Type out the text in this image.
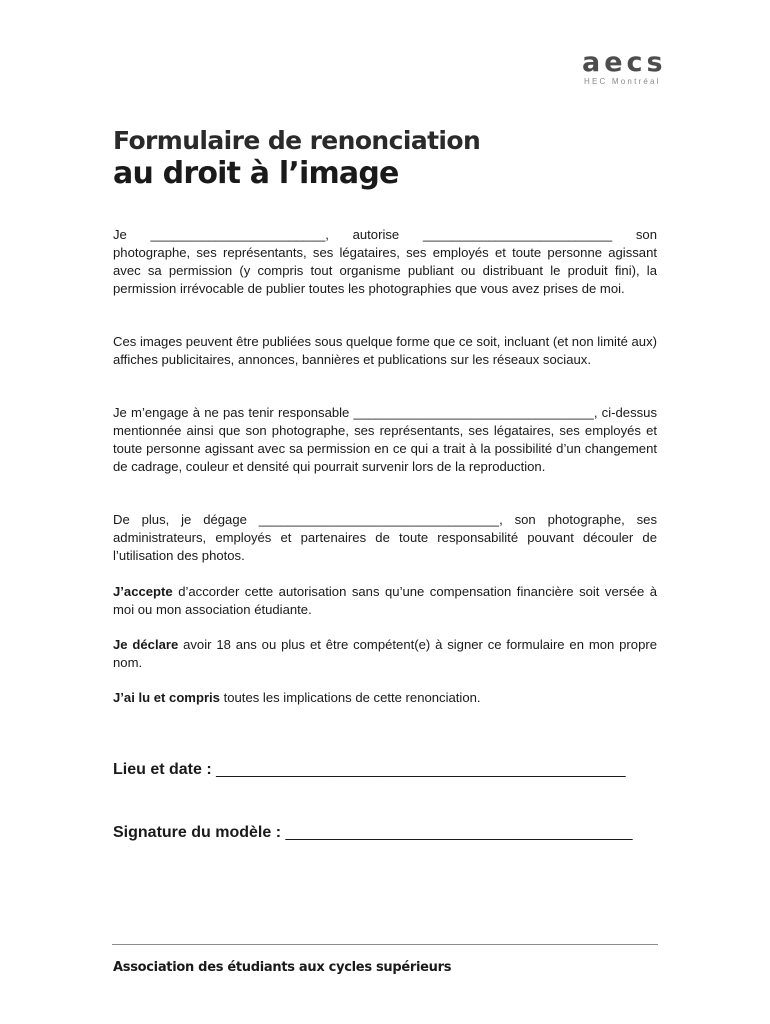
aecs
HEC Montréal
Formulaire de renonciation
au droit à l’image

Je ________________________, autorise __________________________ son photographe, ses représentants, ses légataires, ses employés et toute personne agissant avec sa permission (y compris tout organisme publiant ou distribuant le produit fini), la permission irrévocable de publier toutes les photographies que vous avez prises de moi.

Ces images peuvent être publiées sous quelque forme que ce soit, incluant (et non limité aux) affiches publicitaires, annonces, bannières et publications sur les réseaux sociaux.

Je m’engage à ne pas tenir responsable _________________________________, ci-dessus mentionnée ainsi que son photographe, ses représentants, ses légataires, ses employés et toute personne agissant avec sa permission en ce qui a trait à la possibilité d’un changement de cadrage, couleur et densité qui pourrait survenir lors de la reproduction.

De plus, je dégage _________________________________, son photographe, ses administrateurs, employés et partenaires de toute responsabilité pouvant découler de l’utilisation des photos.

J’accepte d’accorder cette autorisation sans qu’une compensation financière soit versée à moi ou mon association étudiante.

Je déclare avoir 18 ans ou plus et être compétent(e) à signer ce formulaire en mon propre nom.

J’ai lu et compris toutes les implications de cette renonciation.

Lieu et date : ______________________________________________
Signature du modèle : _______________________________________
Association des étudiants aux cycles supérieurs
